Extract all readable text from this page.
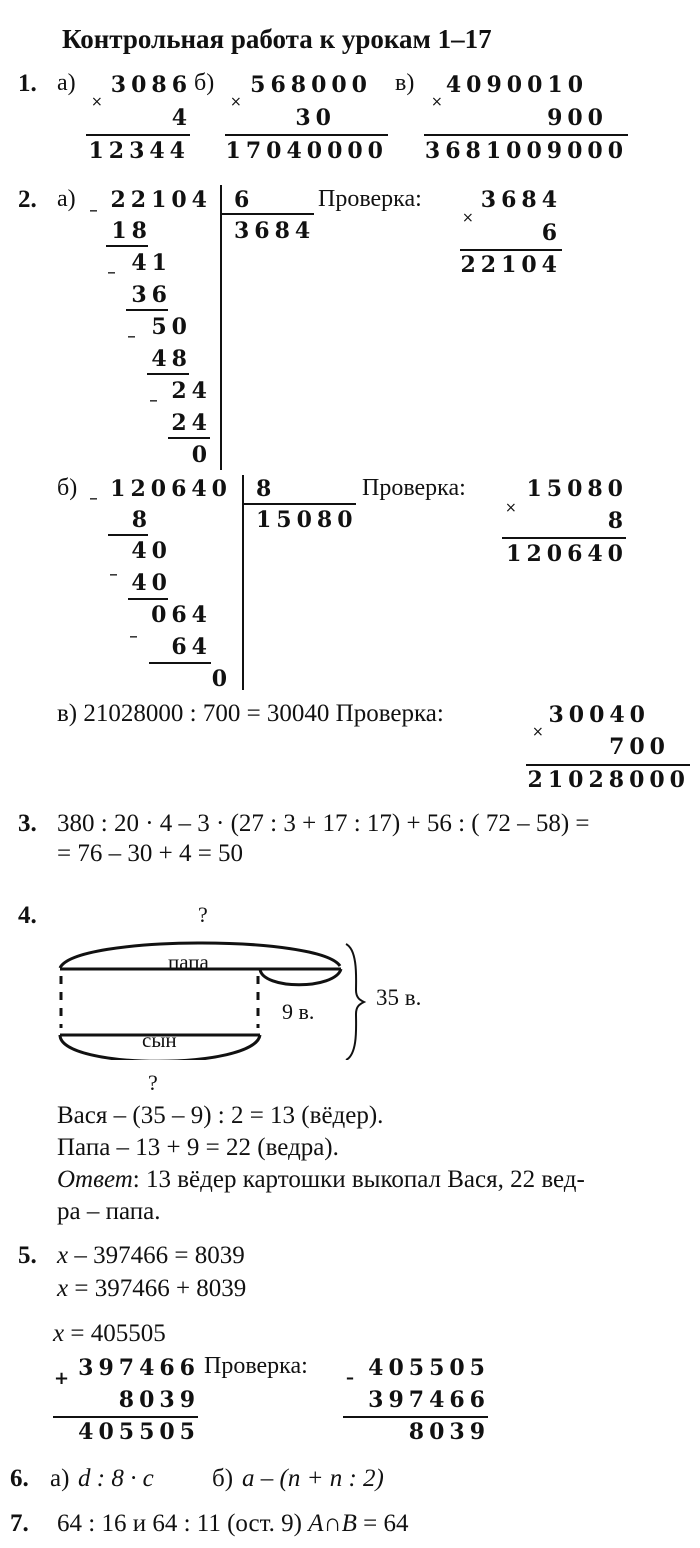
Контрольная работа к урокам 1–17
1. а)
×
3086 б)
4
12344
×
568000
30
17040000
в)
×
4090010
900
3681009000
2. а) _ 22104 6
3684
18
_ 41
36
_ 50
48
_ 24
24
0
Проверка:
×
3684
6
22104
б) _ 120640 8
15080
8
_
40
40
_
064
64
0
Проверка:
×
15080
8
120640
в) 21028000 : 700 = 30040 Проверка:
×
30040
700
21028000
3. 380 : 20 · 4 – 3 · (27 : 3 + 17 : 17) + 56 : ( 72 – 58) =
= 76 – 30 + 4 = 50
4.	?
папа
сын
9 в.
35 в.
?
Вася – (35 – 9) : 2 = 13 (вёдер).
Папа – 13 + 9 = 22 (ведра).
Ответ: 13 вёдер картошки выкопал Вася, 22 вед-
ра – папа.
5. x – 397466 = 8039
x = 397466 + 8039
x = 405505
+ 397466
8039
405505
Проверка: – 405505
397466
8039
6. а) d : 8 · c б) a – (n + n : 2)
7. 64 : 16 и 64 : 11 (ост. 9) A∩B = 64
